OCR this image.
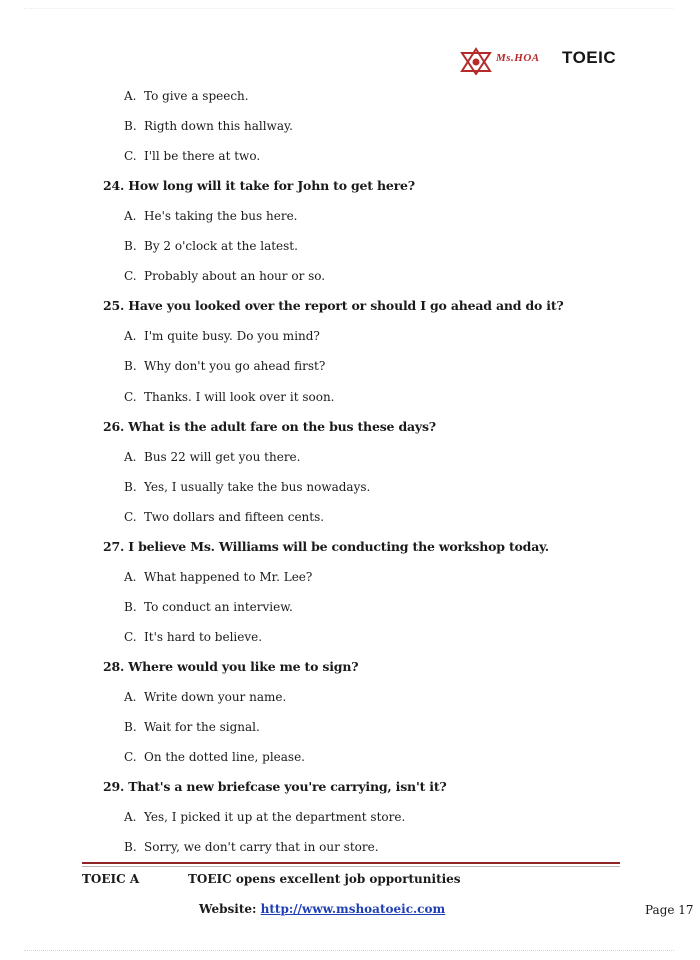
Ms.HOA TOEIC
A. To give a speech.
B. Rigth down this hallway.
C. I'll be there at two.
24. How long will it take for John to get here?
A. He's taking the bus here.
B. By 2 o'clock at the latest.
C. Probably about an hour or so.
25. Have you looked over the report or should I go ahead and do it?
A. I'm quite busy. Do you mind?
B. Why don't you go ahead first?
C. Thanks. I will look over it soon.
26. What is the adult fare on the bus these days?
A. Bus 22 will get you there.
B. Yes, I usually take the bus nowadays.
C. Two dollars and fifteen cents.
27. I believe Ms. Williams will be conducting the workshop today.
A. What happened to Mr. Lee?
B. To conduct an interview.
C. It's hard to believe.
28. Where would you like me to sign?
A. Write down your name.
B. Wait for the signal.
C. On the dotted line, please.
29. That's a new briefcase you're carrying, isn't it?
A. Yes, I picked it up at the department store.
B. Sorry, we don't carry that in our store.
TOEIC A	TOEIC opens excellent job opportunities
Website: http://www.mshoatoeic.com	Page 17
